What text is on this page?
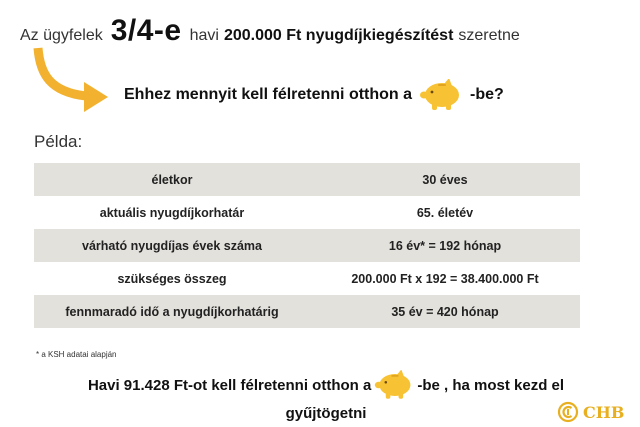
Az ügyfelek 3/4-e havi 200.000 Ft nyugdíjkiegészítést szeretne
Ehhez mennyit kell félretenni otthon a	-be?
Példa:
életkor	30 éves
aktuális nyugdíjkorhatár	65. életév
várható nyugdíjas évek száma	16 év* = 192 hónap
szükséges összeg	200.000 Ft x 192 = 38.400.000 Ft
fennmaradó idő a nyugdíjkorhatárig	35 év = 420 hónap
* a KSH adatai alapján
Havi 91.428 Ft-ot kell félretenni otthon a	-be , ha most kezd el
gyűjtögetni	CHB
